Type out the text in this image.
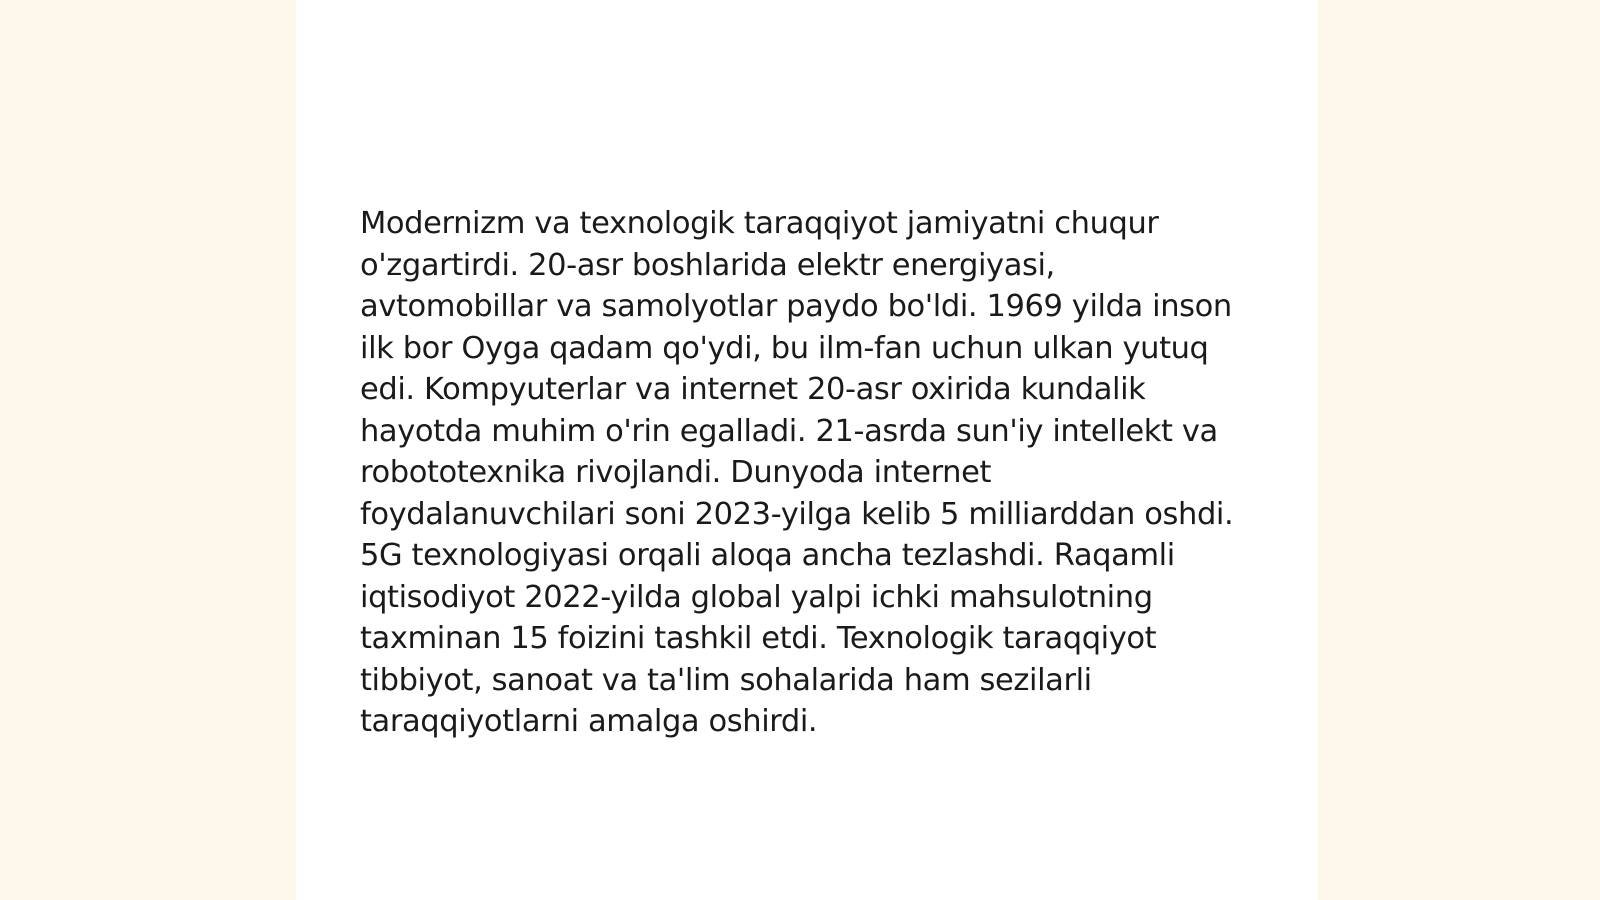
Modernizm va texnologik taraqqiyot jamiyatni chuqur o'zgartirdi. 20-asr boshlarida elektr energiyasi, avtomobillar va samolyotlar paydo bo'ldi. 1969 yilda inson ilk bor Oyga qadam qo'ydi, bu ilm-fan uchun ulkan yutuq edi. Kompyuterlar va internet 20-asr oxirida kundalik hayotda muhim o'rin egalladi. 21-asrda sun'iy intellekt va robototexnika rivojlandi. Dunyoda internet foydalanuvchilari soni 2023-yilga kelib 5 milliarddan oshdi. 5G texnologiyasi orqali aloqa ancha tezlashdi. Raqamli iqtisodiyot 2022-yilda global yalpi ichki mahsulotning taxminan 15 foizini tashkil etdi. Texnologik taraqqiyot tibbiyot, sanoat va ta'lim sohalarida ham sezilarli taraqqiyotlarni amalga oshirdi.
